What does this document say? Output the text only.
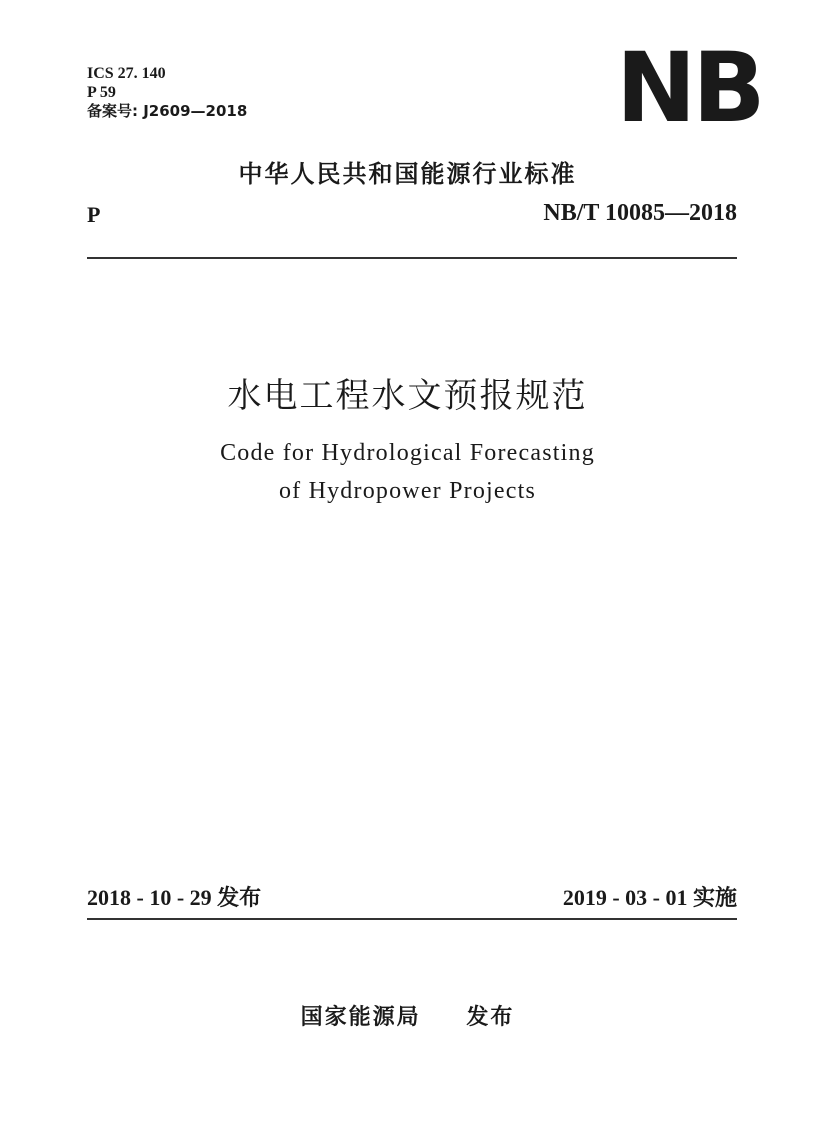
ICS 27. 140
P 59
备案号: J2609—2018	NB
中华人民共和国能源行业标准
P	NB/T 10085—2018
水电工程水文预报规范
Code for Hydrological Forecasting
of Hydropower Projects
2018 - 10 - 29 发布	2019 - 03 - 01 实施
国家能源局 发布
